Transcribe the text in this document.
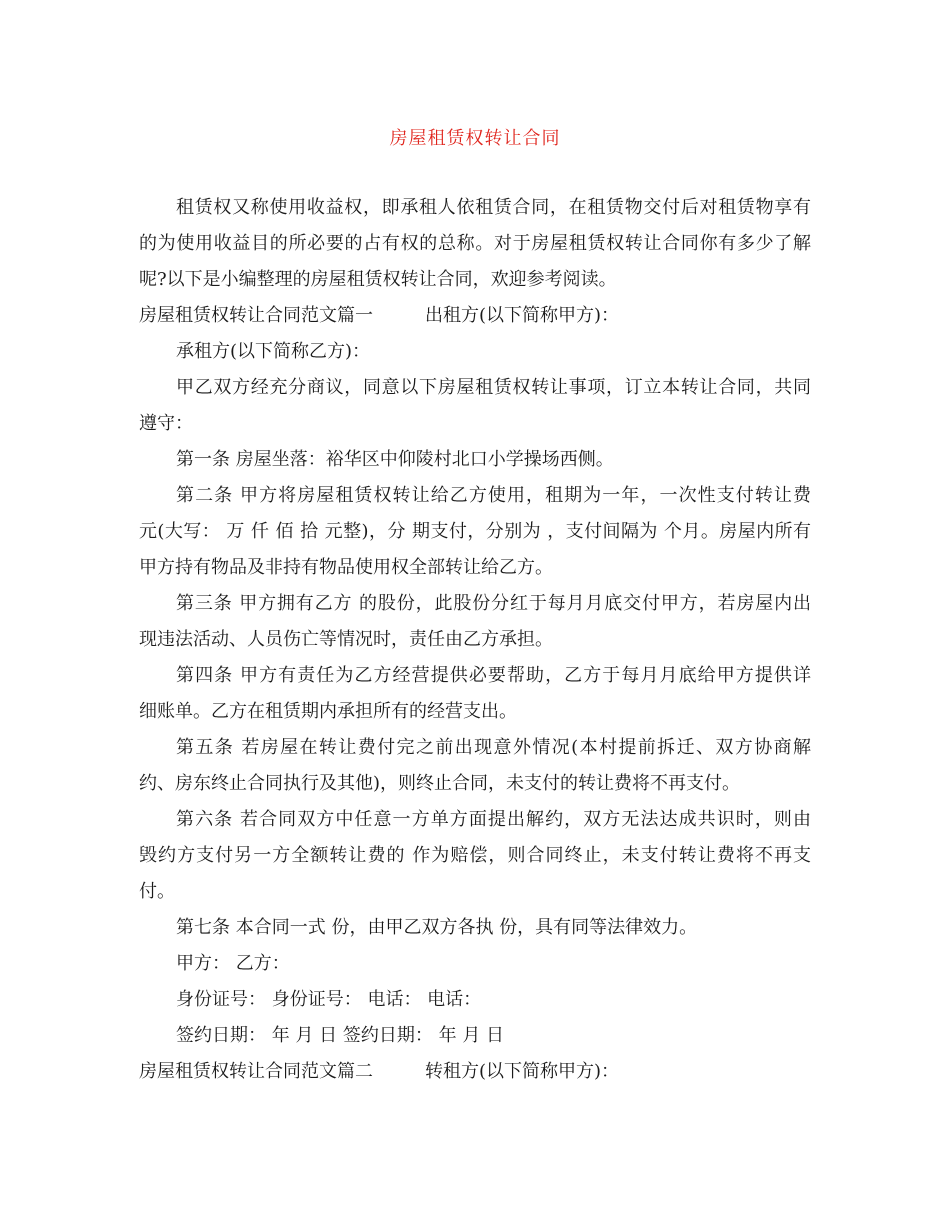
房屋租赁权转让合同
租赁权又称使用收益权，即承租人依租赁合同，在租赁物交付后对租赁物享有
的为使用收益目的所必要的占有权的总称。对于房屋租赁权转让合同你有多少了解
呢?以下是小编整理的房屋租赁权转让合同，欢迎参考阅读。
房屋租赁权转让合同范文篇一	出租方(以下简称甲方)：
承租方(以下简称乙方)：
甲乙双方经充分商议，同意以下房屋租赁权转让事项，订立本转让合同，共同
遵守：
第一条 房屋坐落：裕华区中仰陵村北口小学操场西侧。
第二条 甲方将房屋租赁权转让给乙方使用，租期为一年，一次性支付转让费
元(大写： 万 仟 佰 拾 元整)，分 期支付，分别为 ，支付间隔为 个月。房屋内所有
甲方持有物品及非持有物品使用权全部转让给乙方。
第三条 甲方拥有乙方 的股份，此股份分红于每月月底交付甲方，若房屋内出
现违法活动、人员伤亡等情况时，责任由乙方承担。
第四条 甲方有责任为乙方经营提供必要帮助，乙方于每月月底给甲方提供详
细账单。乙方在租赁期内承担所有的经营支出。
第五条 若房屋在转让费付完之前出现意外情况(本村提前拆迁、双方协商解
约、房东终止合同执行及其他)，则终止合同，未支付的转让费将不再支付。
第六条 若合同双方中任意一方单方面提出解约，双方无法达成共识时，则由
毁约方支付另一方全额转让费的 作为赔偿，则合同终止，未支付转让费将不再支
付。
第七条 本合同一式 份，由甲乙双方各执 份，具有同等法律效力。
甲方： 乙方：
身份证号： 身份证号： 电话： 电话：
签约日期： 年 月 日 签约日期： 年 月 日
房屋租赁权转让合同范文篇二	转租方(以下简称甲方)：
